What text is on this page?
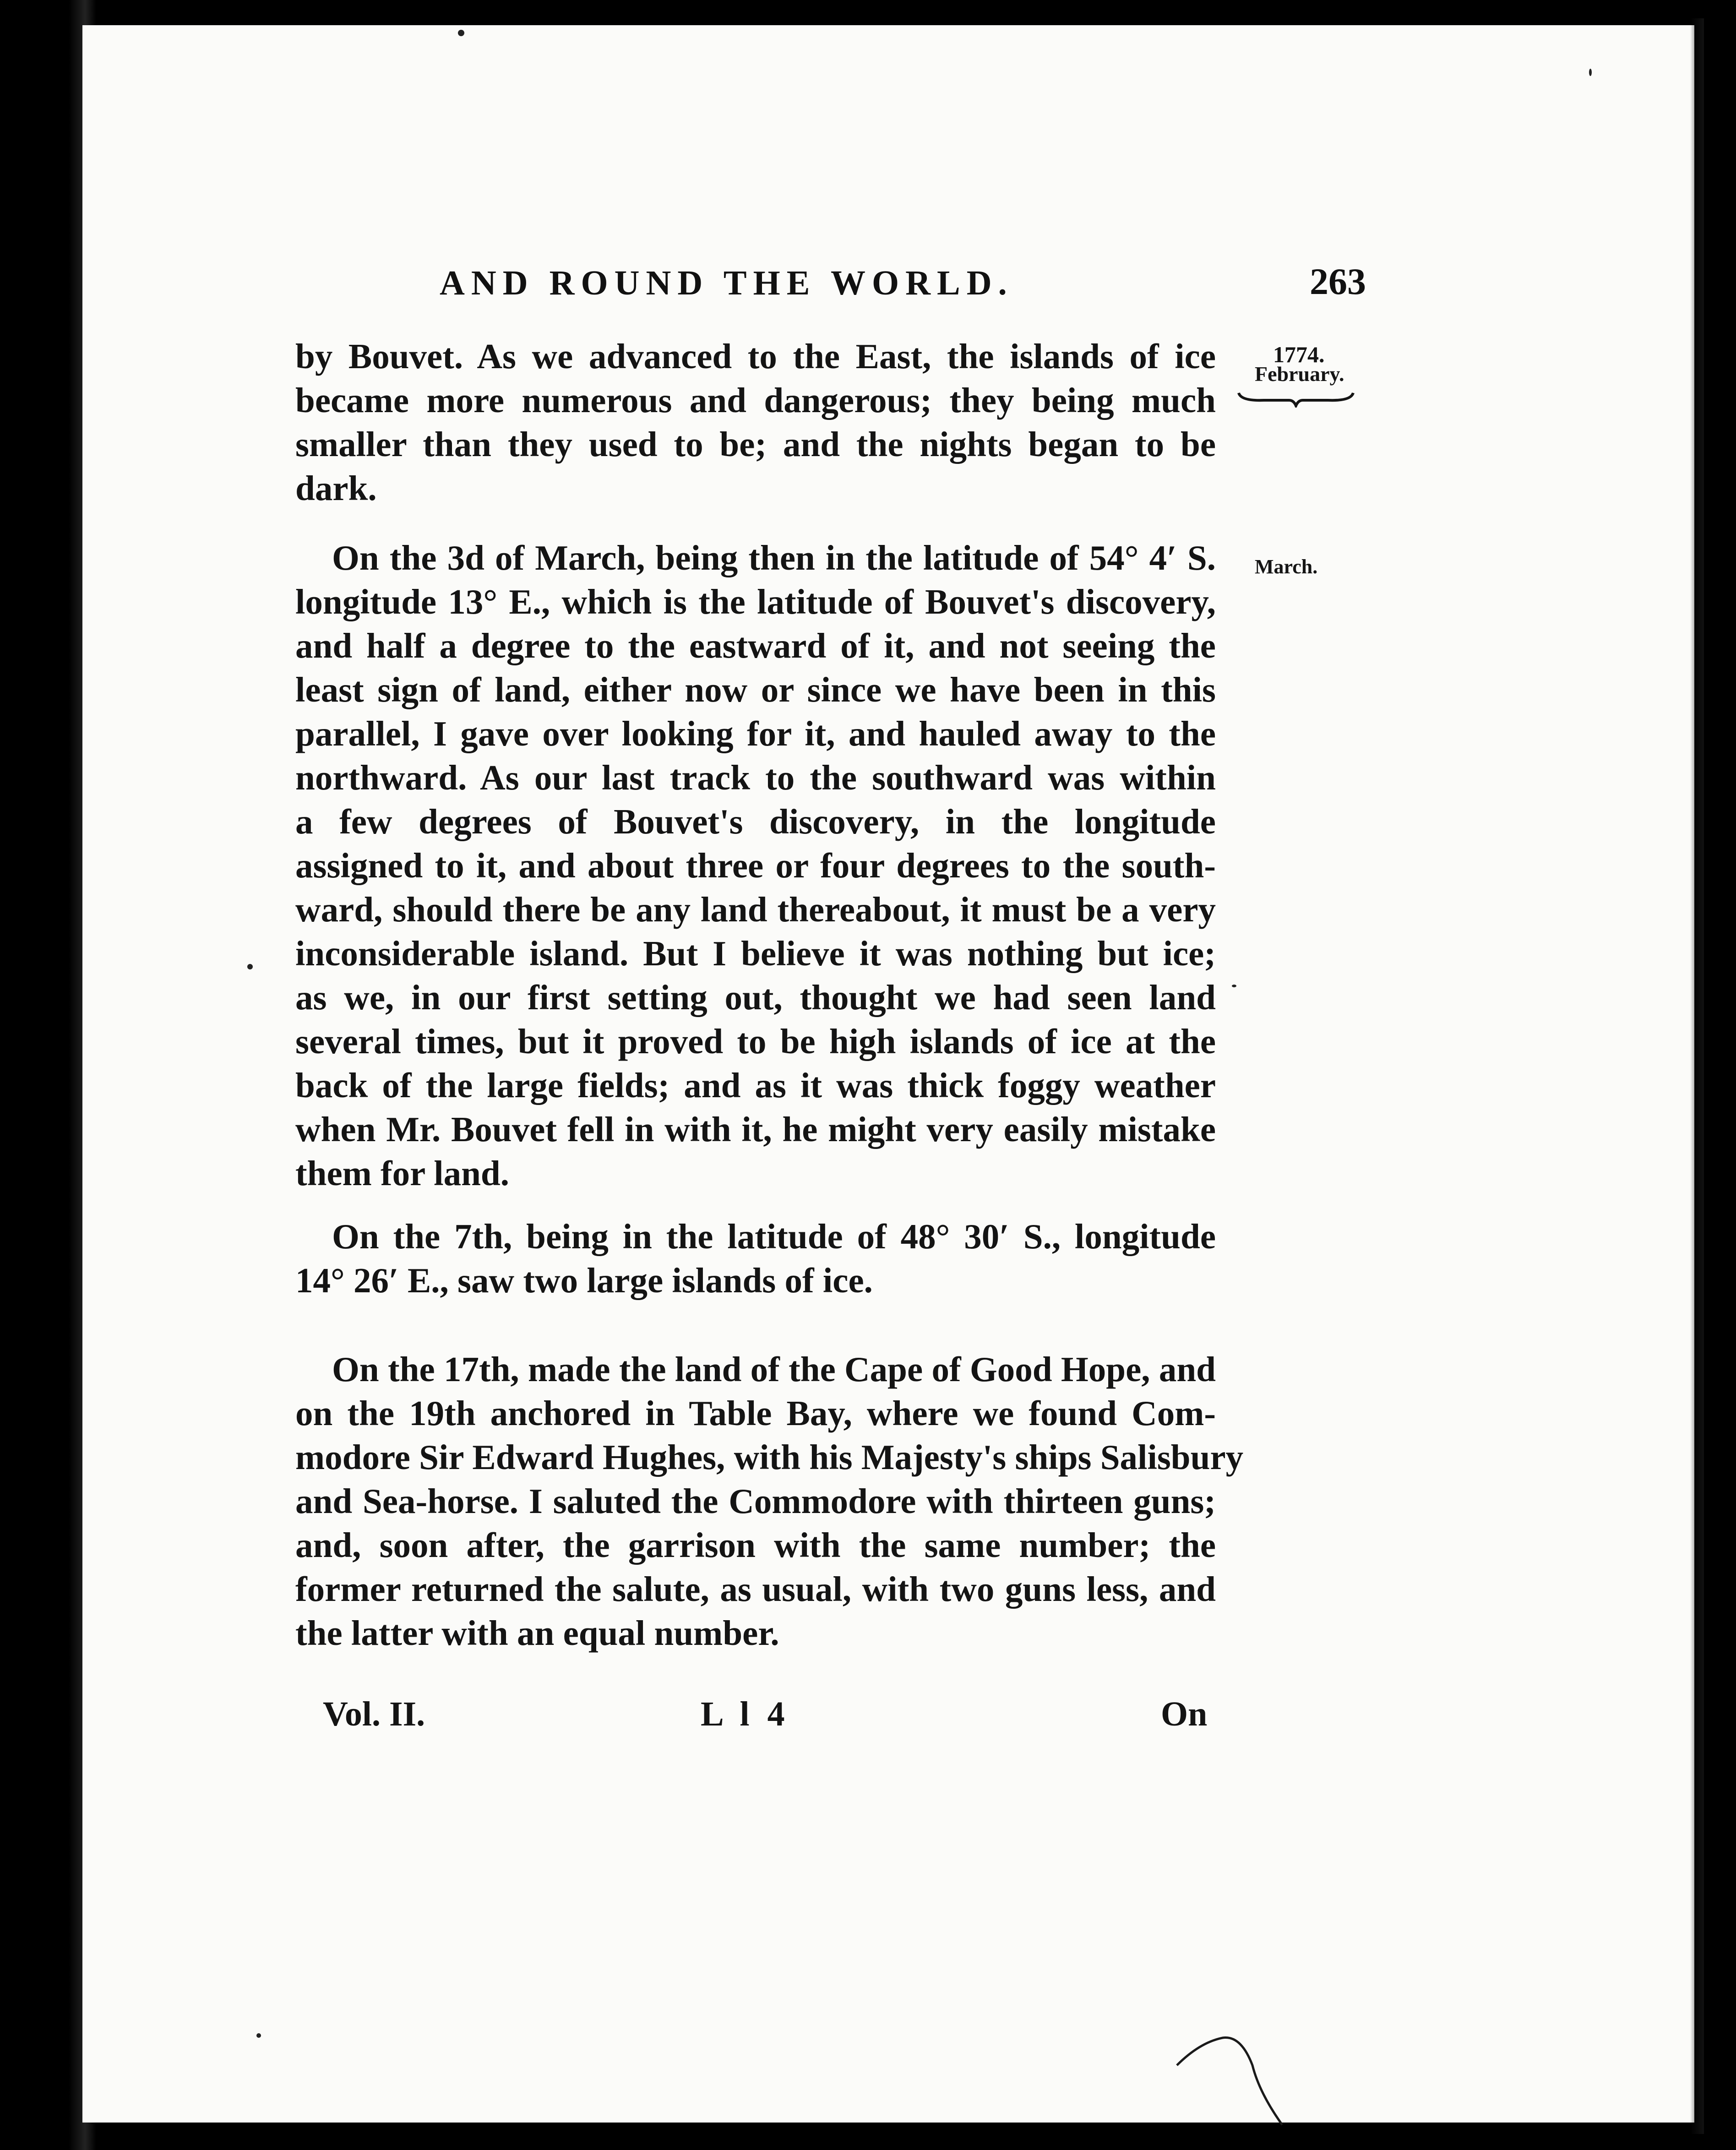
AND ROUND THE WORLD.	263
1774.
February.
March.
by Bouvet. As we advanced to the East, the islands of ice
became more numerous and dangerous; they being much
smaller than they used to be; and the nights began to be
dark.
On the 3d of March, being then in the latitude of 54° 4′ S.
longitude 13° E., which is the latitude of Bouvet's discovery,
and half a degree to the eastward of it, and not seeing the
least sign of land, either now or since we have been in this
parallel, I gave over looking for it, and hauled away to the
northward. As our last track to the southward was within
a few degrees of Bouvet's discovery, in the longitude
assigned to it, and about three or four degrees to the south-
ward, should there be any land thereabout, it must be a very
inconsiderable island. But I believe it was nothing but ice;
as we, in our first setting out, thought we had seen land
several times, but it proved to be high islands of ice at the
back of the large fields; and as it was thick foggy weather
when Mr. Bouvet fell in with it, he might very easily mistake
them for land.
On the 7th, being in the latitude of 48° 30′ S., longitude
14° 26′ E., saw two large islands of ice.
On the 17th, made the land of the Cape of Good Hope, and
on the 19th anchored in Table Bay, where we found Com-
modore Sir Edward Hughes, with his Majesty's ships Salisbury
and Sea-horse. I saluted the Commodore with thirteen guns;
and, soon after, the garrison with the same number; the
former returned the salute, as usual, with two guns less, and
the latter with an equal number.
Vol. II.	L l 4	On
